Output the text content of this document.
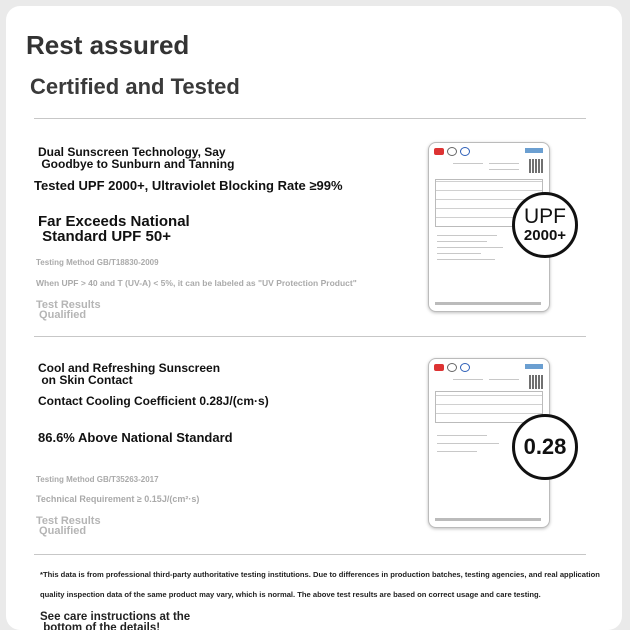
Rest assured
Certified and Tested
Dual Sunscreen Technology, Say
Goodbye to Sunburn and Tanning
Tested UPF 2000+, Ultraviolet Blocking Rate ≥99%
Far Exceeds National
Standard UPF 50+
Testing Method GB/T18830-2009
When UPF > 40 and T (UV-A) < 5%, it can be labeled as "UV Protection Product"
Test Results
Qualified
UPF
2000+
Cool and Refreshing Sunscreen
on Skin Contact
Contact Cooling Coefficient 0.28J/(cm·s)
86.6% Above National Standard
Testing Method GB/T35263-2017
Technical Requirement ≥ 0.15J/(cm²·s)
Test Results
Qualified
0.28
*This data is from professional third-party authoritative testing institutions. Due to differences in production batches, testing agencies, and real application
quality inspection data of the same product may vary, which is normal. The above test results are based on correct usage and care testing.
See care instructions at the
bottom of the details!
